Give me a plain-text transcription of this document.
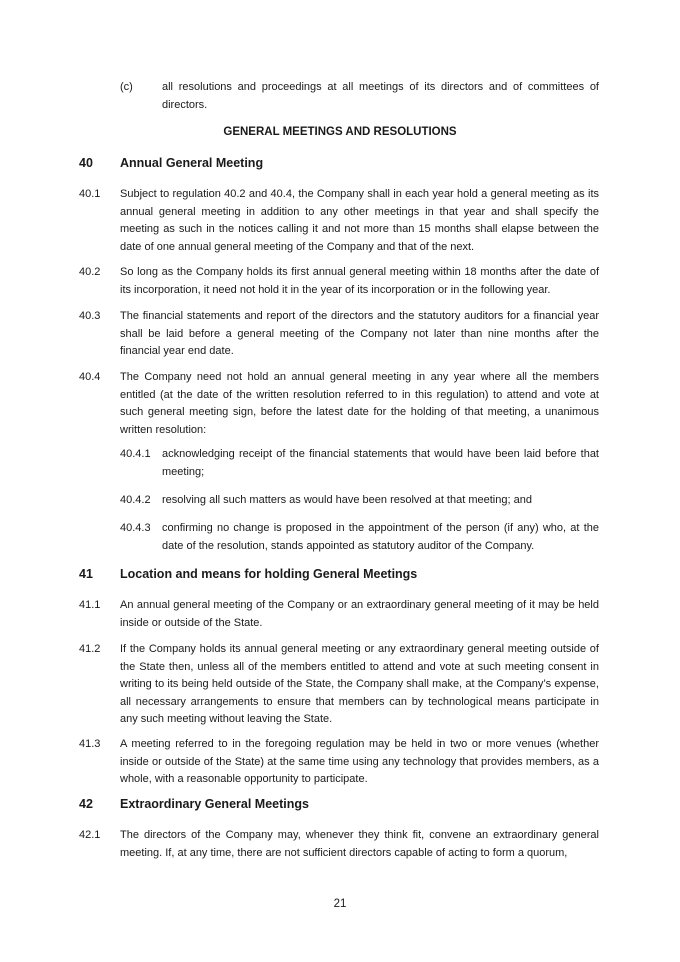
(c)	all resolutions and proceedings at all meetings of its directors and of committees of directors.
GENERAL MEETINGS AND RESOLUTIONS
40 Annual General Meeting
40.1 Subject to regulation 40.2 and 40.4, the Company shall in each year hold a general meeting as its annual general meeting in addition to any other meetings in that year and shall specify the meeting as such in the notices calling it and not more than 15 months shall elapse between the date of one annual general meeting of the Company and that of the next.
40.2 So long as the Company holds its first annual general meeting within 18 months after the date of its incorporation, it need not hold it in the year of its incorporation or in the following year.
40.3 The financial statements and report of the directors and the statutory auditors for a financial year shall be laid before a general meeting of the Company not later than nine months after the financial year end date.
40.4 The Company need not hold an annual general meeting in any year where all the members entitled (at the date of the written resolution referred to in this regulation) to attend and vote at such general meeting sign, before the latest date for the holding of that meeting, a unanimous written resolution:
40.4.1 acknowledging receipt of the financial statements that would have been laid before that meeting;
40.4.2 resolving all such matters as would have been resolved at that meeting; and
40.4.3 confirming no change is proposed in the appointment of the person (if any) who, at the date of the resolution, stands appointed as statutory auditor of the Company.
41 Location and means for holding General Meetings
41.1 An annual general meeting of the Company or an extraordinary general meeting of it may be held inside or outside of the State.
41.2 If the Company holds its annual general meeting or any extraordinary general meeting outside of the State then, unless all of the members entitled to attend and vote at such meeting consent in writing to its being held outside of the State, the Company shall make, at the Company’s expense, all necessary arrangements to ensure that members can by technological means participate in any such meeting without leaving the State.
41.3 A meeting referred to in the foregoing regulation may be held in two or more venues (whether inside or outside of the State) at the same time using any technology that provides members, as a whole, with a reasonable opportunity to participate.
42 Extraordinary General Meetings
42.1 The directors of the Company may, whenever they think fit, convene an extraordinary general meeting. If, at any time, there are not sufficient directors capable of acting to form a quorum,
21
